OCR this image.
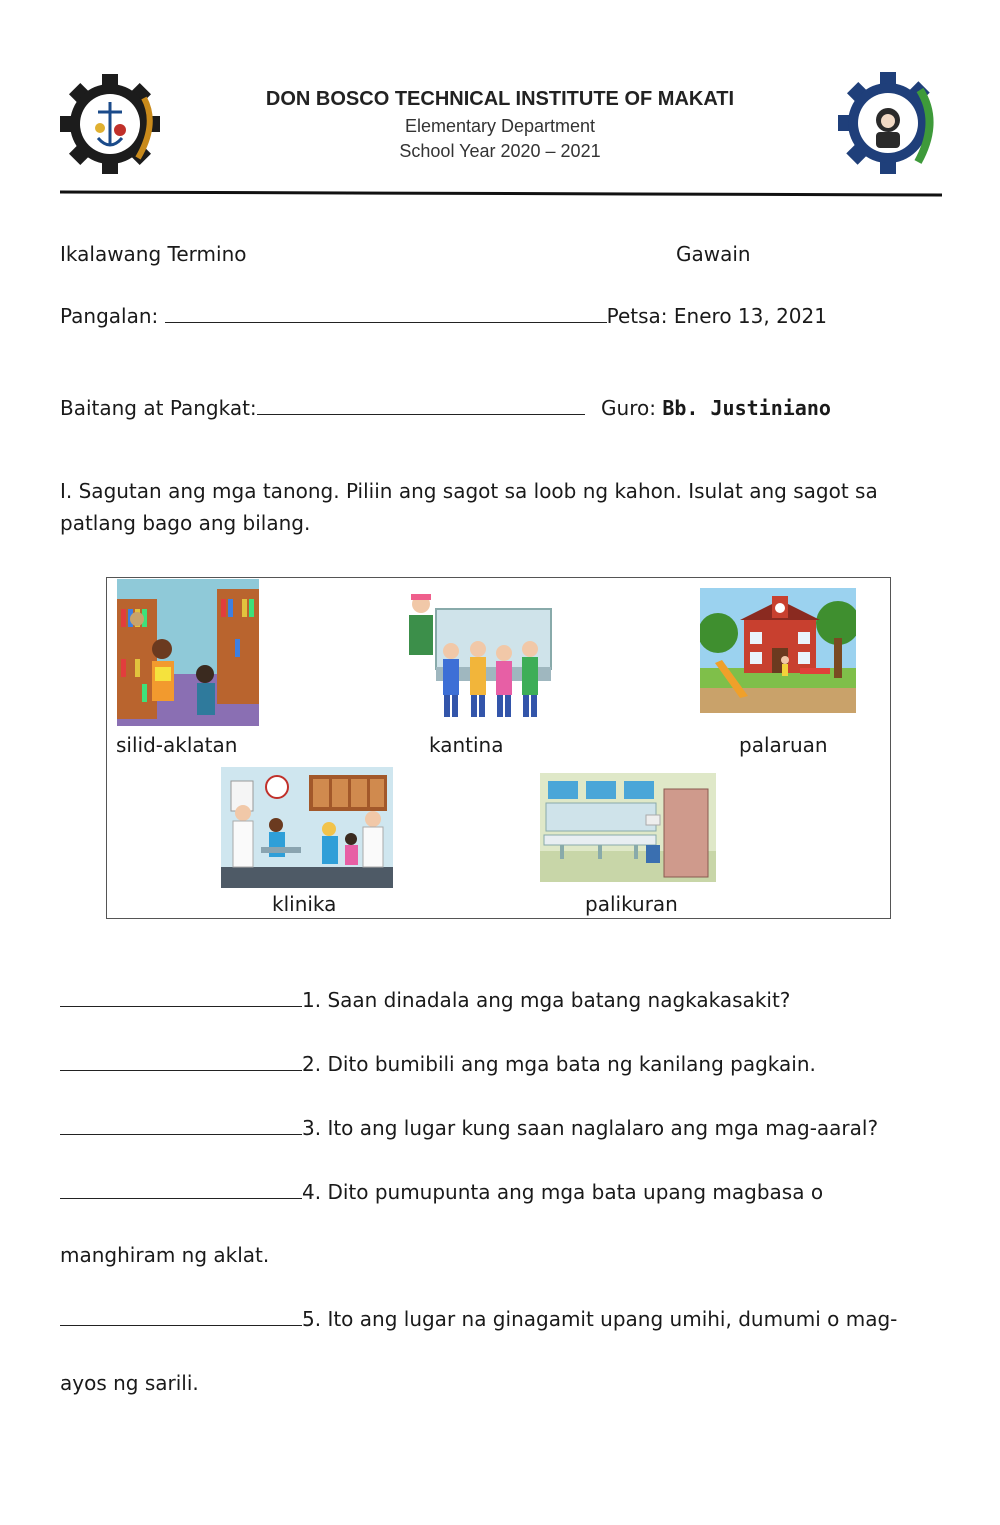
DON BOSCO TECHNICAL INSTITUTE OF MAKATI
Elementary Department
School Year 2020 – 2021
Ikalawang Termino	Gawain
Pangalan:	Petsa: Enero 13, 2021
Baitang at Pangkat:	Guro: Bb. Justiniano
I. Sagutan ang mga tanong. Piliin ang sagot sa loob ng kahon. Isulat ang sagot sa
patlang bago ang bilang.
silid-aklatan	kantina	palaruan
klinika	palikuran
1. Saan dinadala ang mga batang nagkakasakit?
2. Dito bumibili ang mga bata ng kanilang pagkain.
3. Ito ang lugar kung saan naglalaro ang mga mag-aaral?
4. Dito pumupunta ang mga bata upang magbasa o
manghiram ng aklat.
5. Ito ang lugar na ginagamit upang umihi, dumumi o mag-
ayos ng sarili.
